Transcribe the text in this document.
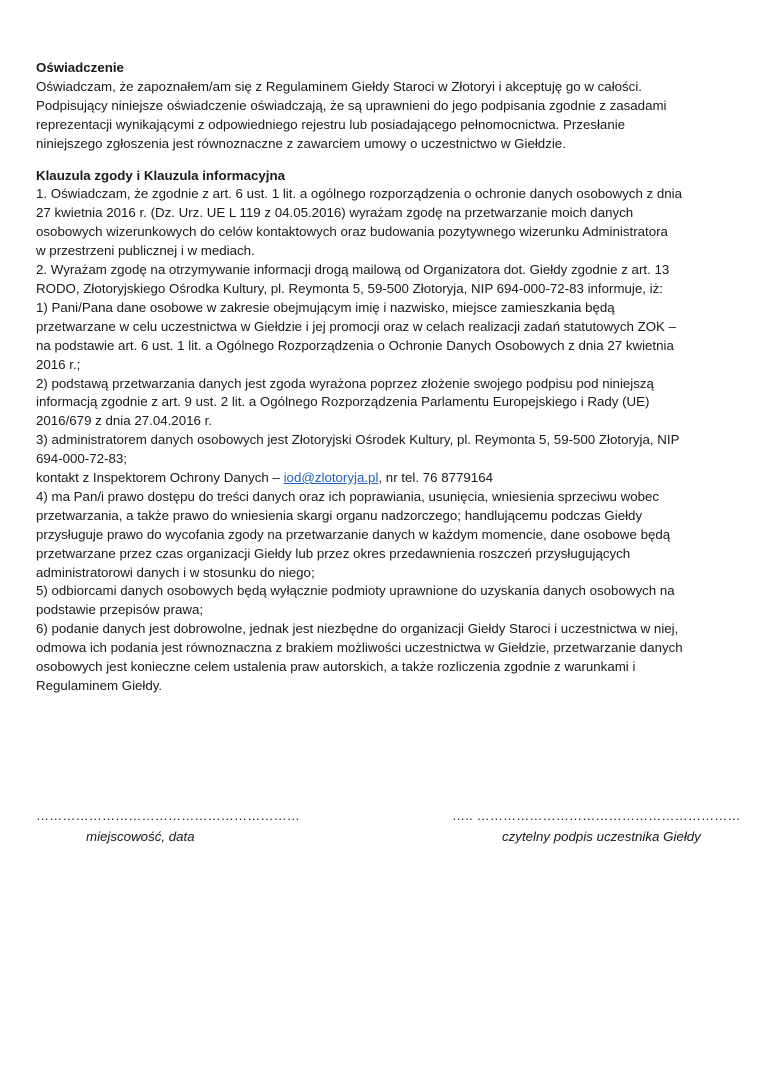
Oświadczenie
Oświadczam, że zapoznałem/am się z Regulaminem Giełdy Staroci w Złotoryi i akceptuję go w całości.
Podpisujący niniejsze oświadczenie oświadczają, że są uprawnieni do jego podpisania zgodnie z zasadami
reprezentacji wynikającymi z odpowiedniego rejestru lub posiadającego pełnomocnictwa. Przesłanie
niniejszego zgłoszenia jest równoznaczne z zawarciem umowy o uczestnictwo w Giełdzie.
Klauzula zgody i Klauzula informacyjna
1. Oświadczam, że zgodnie z art. 6 ust. 1 lit. a ogólnego rozporządzenia o ochronie danych osobowych z dnia
27 kwietnia 2016 r. (Dz. Urz. UE L 119 z 04.05.2016) wyrażam zgodę na przetwarzanie moich danych
osobowych wizerunkowych do celów kontaktowych oraz budowania pozytywnego wizerunku Administratora
w przestrzeni publicznej i w mediach.
2. Wyrażam zgodę na otrzymywanie informacji drogą mailową od Organizatora dot. Giełdy zgodnie z art. 13
RODO, Złotoryjskiego Ośrodka Kultury, pl. Reymonta 5, 59-500 Złotoryja, NIP 694-000-72-83 informuje, iż:
1) Pani/Pana dane osobowe w zakresie obejmującym imię i nazwisko, miejsce zamieszkania będą
przetwarzane w celu uczestnictwa w Giełdzie i jej promocji oraz w celach realizacji zadań statutowych ZOK –
na podstawie art. 6 ust. 1 lit. a Ogólnego Rozporządzenia o Ochronie Danych Osobowych z dnia 27 kwietnia
2016 r.;
2) podstawą przetwarzania danych jest zgoda wyrażona poprzez złożenie swojego podpisu pod niniejszą
informacją zgodnie z art. 9 ust. 2 lit. a Ogólnego Rozporządzenia Parlamentu Europejskiego i Rady (UE)
2016/679 z dnia 27.04.2016 r.
3) administratorem danych osobowych jest Złotoryjski Ośrodek Kultury, pl. Reymonta 5, 59-500 Złotoryja, NIP
694-000-72-83;
kontakt z Inspektorem Ochrony Danych – iod@zlotoryja.pl, nr tel. 76 8779164
4) ma Pan/i prawo dostępu do treści danych oraz ich poprawiania, usunięcia, wniesienia sprzeciwu wobec
przetwarzania, a także prawo do wniesienia skargi organu nadzorczego; handlującemu podczas Giełdy
przysługuje prawo do wycofania zgody na przetwarzanie danych w każdym momencie, dane osobowe będą
przetwarzane przez czas organizacji Giełdy lub przez okres przedawnienia roszczeń przysługujących
administratorowi danych i w stosunku do niego;
5) odbiorcami danych osobowych będą wyłącznie podmioty uprawnione do uzyskania danych osobowych na
podstawie przepisów prawa;
6) podanie danych jest dobrowolne, jednak jest niezbędne do organizacji Giełdy Staroci i uczestnictwa w niej,
odmowa ich podania jest równoznaczna z brakiem możliwości uczestnictwa w Giełdzie, przetwarzanie danych
osobowych jest konieczne celem ustalenia praw autorskich, a także rozliczenia zgodnie z warunkami i
Regulaminem Giełdy.
……………………………………………………
miejscowość, data
….. ……………………………………………………
czytelny podpis uczestnika Giełdy
